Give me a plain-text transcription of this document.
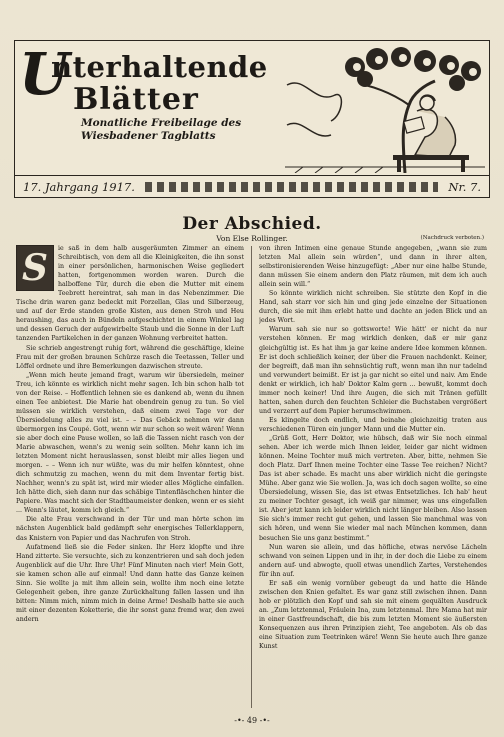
U
nterhaltende
Blätter
Monatliche Freibeilage des
Wiesbadener Tagblatts
17. Jahrgang 1917.	Nr. 7.
Der Abschied.
Von Else Rollinger.	(Nachdruck verboten.)
S	ie saß in dem halb ausgeräumten Zimmer an einem Schreibtisch, von dem all die Kleinigkeiten, die ihn sonst in einer persönlichen, harmonischen Weise gegliedert hatten, fortgenommen worden waren. Durch die halboffene Tür, durch die eben die Mutter mit einem Teebrett hereintrat, sah man in das Nebenzimmer. Die Tische drin waren ganz bedeckt mit Porzellan, Glas und Silberzeug, und auf der Erde standen große Kisten, aus denen Stroh und Heu heraushing, das auch in Bündeln aufgeschichtet in einem Winkel lag und dessen Geruch der aufgewirbelte Staub und die Sonne in der Luft tanzenden Partikelchen in der ganzen Wohnung verbreitet hatten.

Sie schrieb angestrengt ruhig fort, während die geschäftige, kleine Frau mit der großen braunen Schürze rasch die Teetassen, Teller und Löffel ordnete und ihre Bemerkungen dazwischen streute.

„Wenn mich heute jemand fragt, warum wir übersiedeln, meiner Treu, ich könnte es wirklich nicht mehr sagen. Ich bin schon halb tot von der Reise. – Hoffentlich lehnen sie es dankend ab, wenn du ihnen einen Tee anbietest. Die Marie hat obendrein genug zu tun. So viel müssen sie wirklich verstehen, daß einem zwei Tage vor der Übersiedelung alles zu viel ist. – – Das Gebäck nehmen wir dann übermorgen ins Coupé. Gott, wenn wir nur schon so weit wären! Wenn sie aber doch eine Pause wollen, so laß die Tassen nicht rasch von der Marie abwaschen, wenn's zu wenig sein sollten. Mehr kann ich im letzten Moment nicht herauslassen, sonst bleibt mir alles liegen und morgen. – – Wenn ich nur wüßte, was du mir helfen könntest, ohne dich schmutzig zu machen, wenn du mit dem Inventar fertig bist. Nachher, wenn's zu spät ist, wird mir wieder alles Mögliche einfallen. Ich hätte dich, sieh dann nur das schäbige Tintenfläschchen hinter die Papiere. Was macht sich der Stadtbaumeister denken, wenn er es sieht ... Wenn's läutet, komm ich gleich.“

Die alte Frau verschwand in der Tür und man hörte schon im nächsten Augenblick bald gedämpft sehr energisches Tellerklappern, das Knistern von Papier und das Nachrufen von Stroh.

Aufatmend ließ sie die Feder sinken. Ihr Herz klopfte und ihre Hand zitterte. Sie versuchte, sich zu konzentrieren und sah doch jeden Augenblick auf die Uhr. Ihre Uhr! Fünf Minuten nach vier! Mein Gott, sie kamen schon alle auf einmal! Und dann hatte das Ganze keinen Sinn. Sie wollte ja mit ihm allein sein, wollte ihm noch eine letzte Gelegenheit geben, ihre ganze Zurückhaltung fallen lassen und ihn bitten: Nimm mich, nimm mich in deine Arme! Deshalb hatte sie auch mit einer dezenten Koketterie, die ihr sonst ganz fremd war, den zwei andern

von ihren Intimen eine genaue Stunde angegeben, „wann sie zum letzten Mal allein sein würden“, und dann in ihrer alten, selbstironisierenden Weise hinzugefügt: „Aber nur eine halbe Stunde, dann müssen Sie einem andern den Platz räumen, mit dem ich auch allein sein will.“

So könnte wirklich nicht schreiben. Sie stützte den Kopf in die Hand, sah starr vor sich hin und ging jede einzelne der Situationen durch, die sie mit ihm erlebt hatte und dachte an jeden Blick und an jedes Wort.

Warum sah sie nur so gottsworte! Wie hätt' er nicht da nur verstehen können. Er mag wirklich denken, daß er mir ganz gleichgültig ist. Es hat ihm ja gar keine andere Idee kommen können. Er ist doch schließlich keiner, der über die Frauen nachdenkt. Keiner, der begreift, daß man ihn sehnsüchtig ruft, wenn man ihn nur tadelnd und verwundert beimißt. Er ist ja gar nicht so eitel und naiv. Am Ende denkt er wirklich, ich hab' Doktor Kalm gern ... bewußt, kommt doch immer noch keiner! Und ihre Augen, die sich mit Tränen gefüllt hatten, sahen durch den feuchten Schleier die Buchstaben vergrößert und verzerrt auf dem Papier herumschwimmen.

Es klingelte doch endlich, und beinahe gleichzeitig traten aus verschiedenen Türen ein junger Mann und die Mutter ein.

„Grüß Gott, Herr Doktor, wie hübsch, daß wir Sie noch einmal sehen. Aber ich werde mich Ihnen leider, leider gar nicht widmen können. Meine Tochter muß mich vertreten. Aber, bitte, nehmen Sie doch Platz. Darf Ihnen meine Tochter eine Tasse Tee reichen? Nicht? Das ist aber schade. Es macht uns aber wirklich nicht die geringste Mühe. Aber ganz wie Sie wollen. Ja, was ich doch sagen wollte, so eine Übersiedelung, wissen Sie, das ist etwas Entsetzliches. Ich hab' heut zu meiner Tochter gesagt, ich weiß gar nimmer, was uns eingefallen ist. Aber jetzt kann ich leider wirklich nicht länger bleiben. Also lassen Sie sich's immer recht gut gehen, und lassen Sie manchmal was von sich hören, und wenn Sie wieder mal nach München kommen, dann besuchen Sie uns ganz bestimmt.“

Nun waren sie allein, und das höfliche, etwas nervöse Lächeln schwand von seinen Lippen und in ihr, in der doch die Liebe zu einem andern auf- und abwogte, quoll etwas unendlich Zartes, Verstehendes für ihn auf.

Er saß ein wenig vornüber gebeugt da und hatte die Hände zwischen den Knien gefaltet. Es war ganz still zwischen ihnen. Dann hob er plötzlich den Kopf und sah sie mit einem gequälten Ausdruck an. „Zum letztenmal, Fräulein Ina, zum letztenmal. Ihre Mama hat mir in einer Gastfreundschaft, die bis zum letzten Moment sie äußersten Konsequenzen aus ihren Prinzipien zieht, Tee angeboten. Als ob das eine Situation zum Teetrinken wäre! Wenn Sie heute auch Ihre ganze Kunst

-•- 49 -•-
